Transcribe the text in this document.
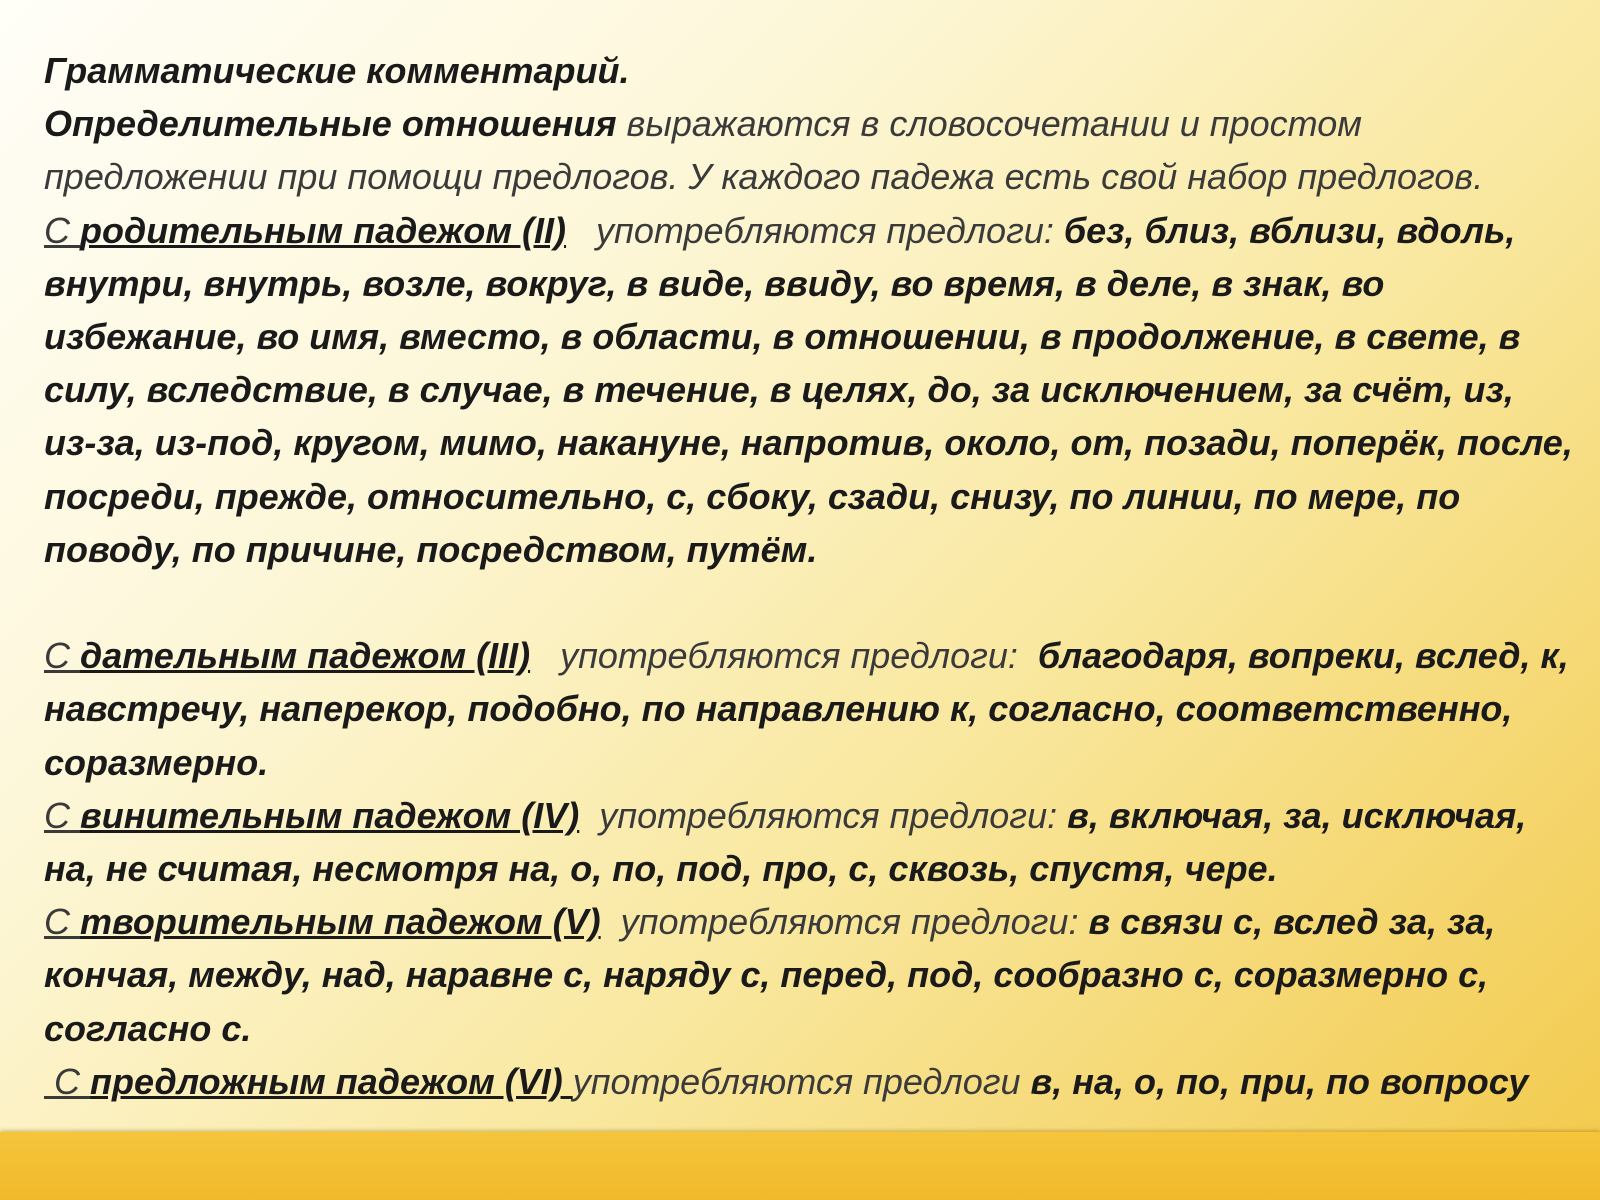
Грамматические комментарий.

Определительные отношения выражаются в словосочетании и простом предложении при помощи предлогов. У каждого падежа есть свой набор предлогов.

С родительным падежом (II)   употребляются предлоги: без, близ, вблизи, вдоль, внутри, внутрь, возле, вокруг, в виде, ввиду, во время, в деле, в знак, во избежание, во имя, вместо, в области, в отношении, в продолжение, в свете, в силу, вследствие, в случае, в течение, в целях, до, за исключением, за счёт, из, из-за, из-под, кругом, мимо, накануне, напротив, около, от, позади, поперёк, после, посреди, прежде, относительно, с, сбоку, сзади, снизу, по линии, по мере, по поводу, по причине, посредством, путём.

С дательным падежом (III)   употребляются предлоги:  благодаря, вопреки, вслед, к, навстречу, наперекор, подобно, по направлению к, согласно, соответственно, соразмерно.

С винительным падежом (IV)  употребляются предлоги: в, включая, за, исключая, на, не считая, несмотря на, о, по, под, про, с, сквозь, спустя, чере.

С творительным падежом (V)  употребляются предлоги: в связи с, вслед за, за, кончая, между, над, наравне с, наряду с, перед, под, сообразно с, соразмерно с, согласно с.

С предложным падежом (VI) употребляются предлоги в, на, о, по, при, по вопросу
